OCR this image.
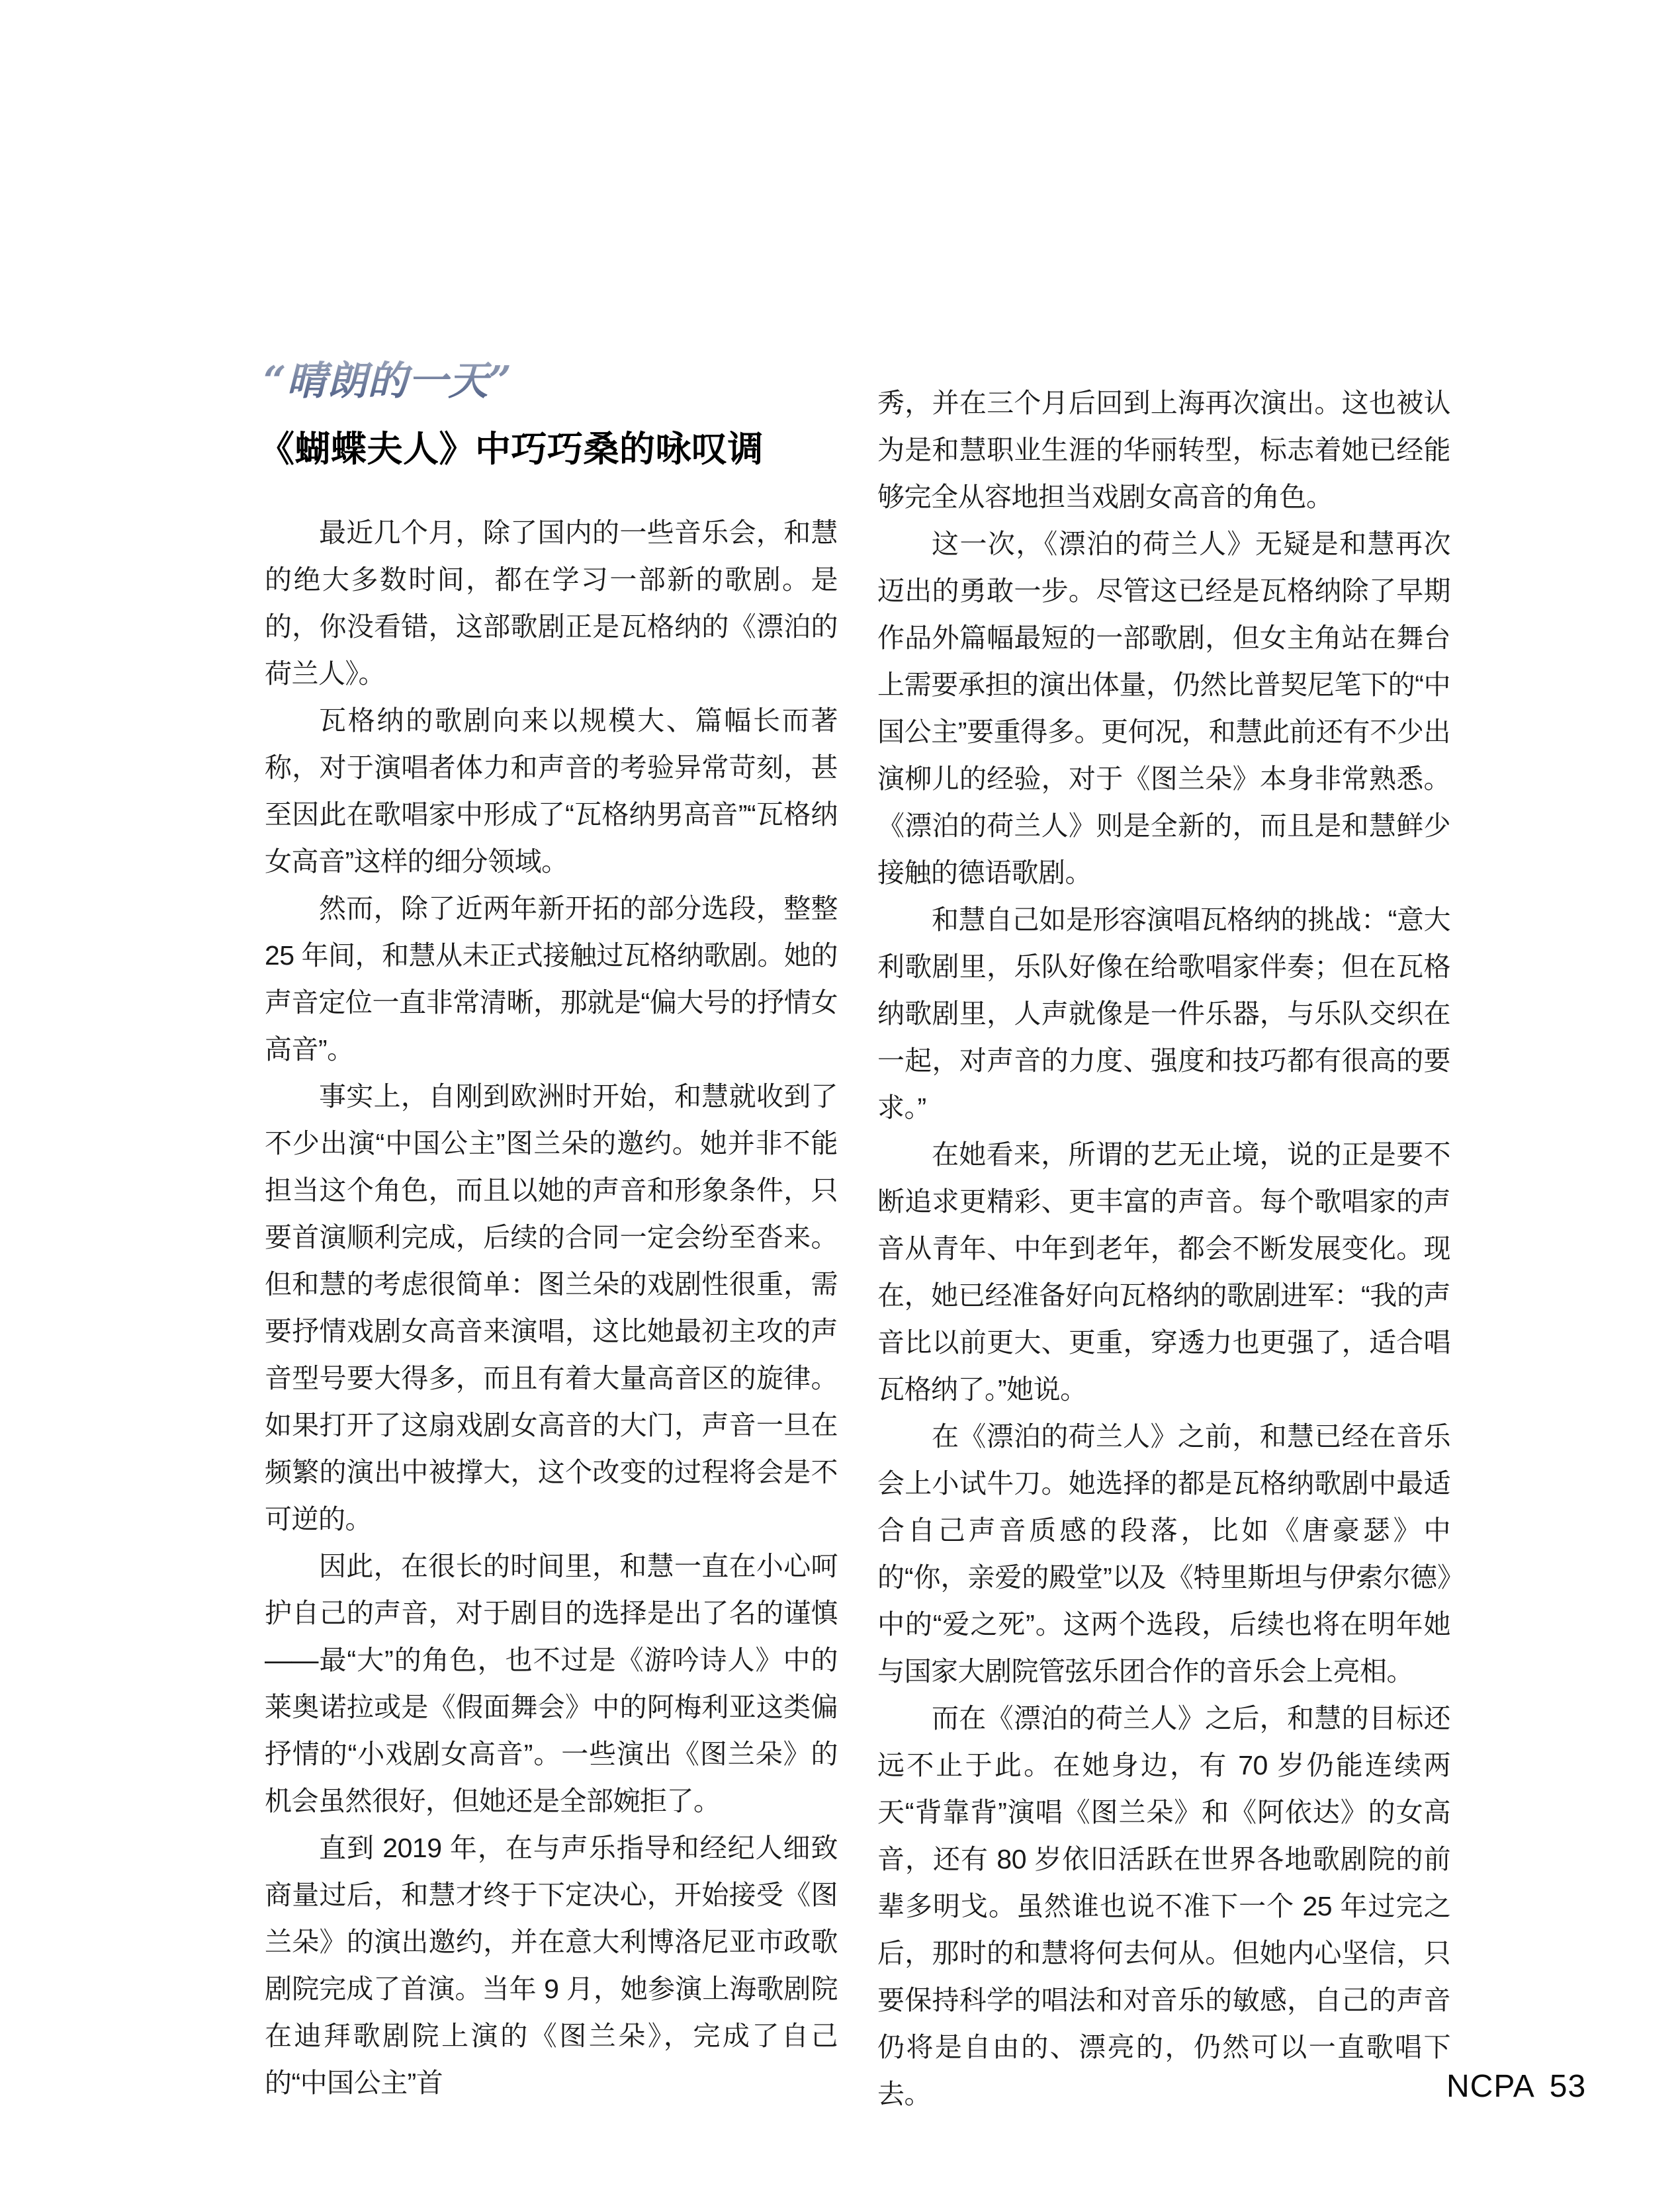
“晴朗的一天”
《蝴蝶夫人》中巧巧桑的咏叹调

最近几个月，除了国内的一些音乐会，和慧的绝大多数时间，都在学习一部新的歌剧。是的，你没看错，这部歌剧正是瓦格纳的《漂泊的荷兰人》。

瓦格纳的歌剧向来以规模大、篇幅长而著称，对于演唱者体力和声音的考验异常苛刻，甚至因此在歌唱家中形成了“瓦格纳男高音”“瓦格纳女高音”这样的细分领域。

然而，除了近两年新开拓的部分选段，整整 25 年间，和慧从未正式接触过瓦格纳歌剧。她的声音定位一直非常清晰，那就是“偏大号的抒情女高音”。

事实上，自刚到欧洲时开始，和慧就收到了不少出演“中国公主”图兰朵的邀约。她并非不能担当这个角色，而且以她的声音和形象条件，只要首演顺利完成，后续的合同一定会纷至沓来。但和慧的考虑很简单：图兰朵的戏剧性很重，需要抒情戏剧女高音来演唱，这比她最初主攻的声音型号要大得多，而且有着大量高音区的旋律。如果打开了这扇戏剧女高音的大门，声音一旦在频繁的演出中被撑大，这个改变的过程将会是不可逆的。

因此，在很长的时间里，和慧一直在小心呵护自己的声音，对于剧目的选择是出了名的谨慎——最“大”的角色，也不过是《游吟诗人》中的莱奥诺拉或是《假面舞会》中的阿梅利亚这类偏抒情的“小戏剧女高音”。一些演出《图兰朵》的机会虽然很好，但她还是全部婉拒了。

直到 2019 年，在与声乐指导和经纪人细致商量过后，和慧才终于下定决心，开始接受《图兰朵》的演出邀约，并在意大利博洛尼亚市政歌剧院完成了首演。当年 9 月，她参演上海歌剧院在迪拜歌剧院上演的《图兰朵》，完成了自己的“中国公主”首

秀，并在三个月后回到上海再次演出。这也被认为是和慧职业生涯的华丽转型，标志着她已经能够完全从容地担当戏剧女高音的角色。

这一次，《漂泊的荷兰人》无疑是和慧再次迈出的勇敢一步。尽管这已经是瓦格纳除了早期作品外篇幅最短的一部歌剧，但女主角站在舞台上需要承担的演出体量，仍然比普契尼笔下的“中国公主”要重得多。更何况，和慧此前还有不少出演柳儿的经验，对于《图兰朵》本身非常熟悉。《漂泊的荷兰人》则是全新的，而且是和慧鲜少接触的德语歌剧。

和慧自己如是形容演唱瓦格纳的挑战：“意大利歌剧里，乐队好像在给歌唱家伴奏；但在瓦格纳歌剧里，人声就像是一件乐器，与乐队交织在一起，对声音的力度、强度和技巧都有很高的要求。”

在她看来，所谓的艺无止境，说的正是要不断追求更精彩、更丰富的声音。每个歌唱家的声音从青年、中年到老年，都会不断发展变化。现在，她已经准备好向瓦格纳的歌剧进军：“我的声音比以前更大、更重，穿透力也更强了，适合唱瓦格纳了。”她说。

在《漂泊的荷兰人》之前，和慧已经在音乐会上小试牛刀。她选择的都是瓦格纳歌剧中最适合自己声音质感的段落，比如《唐豪瑟》中的“你，亲爱的殿堂”以及《特里斯坦与伊索尔德》中的“爱之死”。这两个选段，后续也将在明年她与国家大剧院管弦乐团合作的音乐会上亮相。

而在《漂泊的荷兰人》之后，和慧的目标还远不止于此。在她身边，有 70 岁仍能连续两天“背靠背”演唱《图兰朵》和《阿依达》的女高音，还有 80 岁依旧活跃在世界各地歌剧院的前辈多明戈。虽然谁也说不准下一个 25 年过完之后，那时的和慧将何去何从。但她内心坚信，只要保持科学的唱法和对音乐的敏感，自己的声音仍将是自由的、漂亮的，仍然可以一直歌唱下去。	NCPA 53
